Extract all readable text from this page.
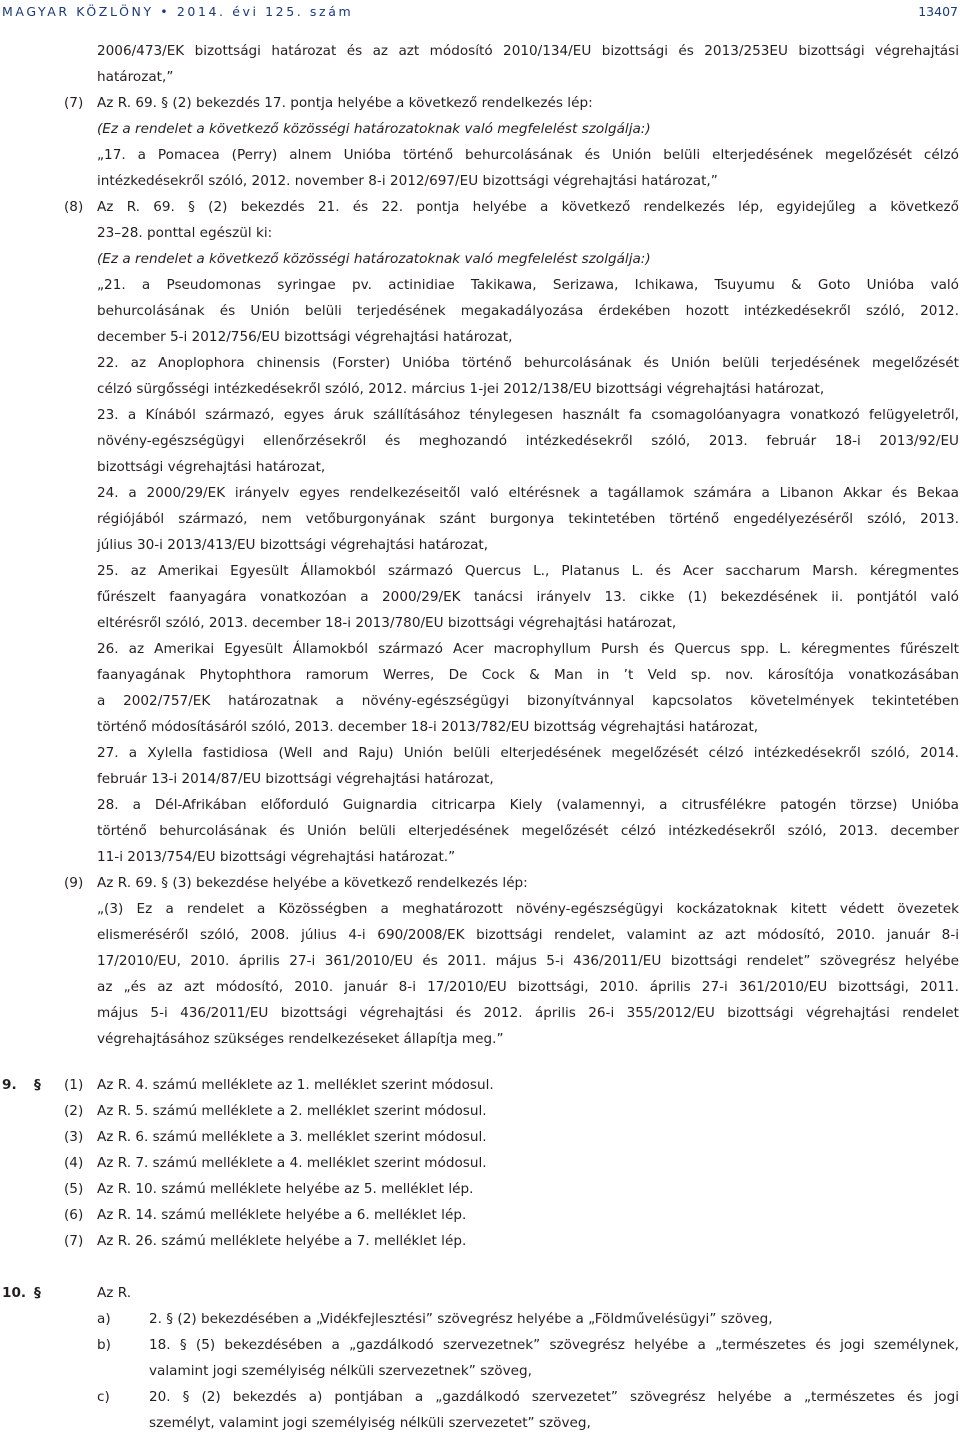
MAGYAR KÖZLÖNY • 2014. évi 125. szám	13407
2006/473/EK bizottsági határozat és az azt módosító 2010/134/EU bizottsági és 2013/253EU bizottsági végrehajtási
határozat,”
(7) Az R. 69. § (2) bekezdés 17. pontja helyébe a következő rendelkezés lép:
(Ez a rendelet a következő közösségi határozatoknak való megfelelést szolgálja:)
„17. a Pomacea (Perry) alnem Unióba történő behurcolásának és Unión belüli elterjedésének megelőzését célzó
intézkedésekről szóló, 2012. november 8-i 2012/697/EU bizottsági végrehajtási határozat,”
(8) Az R. 69. § (2) bekezdés 21. és 22. pontja helyébe a következő rendelkezés lép, egyidejűleg a következő
23–28. ponttal egészül ki:
(Ez a rendelet a következő közösségi határozatoknak való megfelelést szolgálja:)
„21. a Pseudomonas syringae pv. actinidiae Takikawa, Serizawa, Ichikawa, Tsuyumu & Goto Unióba való
behurcolásának és Unión belüli terjedésének megakadályozása érdekében hozott intézkedésekről szóló, 2012.
december 5-i 2012/756/EU bizottsági végrehajtási határozat,
22. az Anoplophora chinensis (Forster) Unióba történő behurcolásának és Unión belüli terjedésének megelőzését
célzó sürgősségi intézkedésekről szóló, 2012. március 1-jei 2012/138/EU bizottsági végrehajtási határozat,
23. a Kínából származó, egyes áruk szállításához ténylegesen használt fa csomagolóanyagra vonatkozó felügyeletről,
növény-egészségügyi ellenőrzésekről és meghozandó intézkedésekről szóló, 2013. február 18-i 2013/92/EU
bizottsági végrehajtási határozat,
24. a 2000/29/EK irányelv egyes rendelkezéseitől való eltérésnek a tagállamok számára a Libanon Akkar és Bekaa
régiójából származó, nem vetőburgonyának szánt burgonya tekintetében történő engedélyezéséről szóló, 2013.
július 30-i 2013/413/EU bizottsági végrehajtási határozat,
25. az Amerikai Egyesült Államokból származó Quercus L., Platanus L. és Acer saccharum Marsh. kéregmentes
fűrészelt faanyagára vonatkozóan a 2000/29/EK tanácsi irányelv 13. cikke (1) bekezdésének ii. pontjától való
eltérésről szóló, 2013. december 18-i 2013/780/EU bizottsági végrehajtási határozat,
26. az Amerikai Egyesült Államokból származó Acer macrophyllum Pursh és Quercus spp. L. kéregmentes fűrészelt
faanyagának Phytophthora ramorum Werres, De Cock & Man in ’t Veld sp. nov. károsítója vonatkozásában
a 2002/757/EK határozatnak a növény-egészségügyi bizonyítvánnyal kapcsolatos követelmények tekintetében
történő módosításáról szóló, 2013. december 18-i 2013/782/EU bizottság végrehajtási határozat,
27. a Xylella fastidiosa (Well and Raju) Unión belüli elterjedésének megelőzését célzó intézkedésekről szóló, 2014.
február 13-i 2014/87/EU bizottsági végrehajtási határozat,
28. a Dél-Afrikában előforduló Guignardia citricarpa Kiely (valamennyi, a citrusfélékre patogén törzse) Unióba
történő behurcolásának és Unión belüli elterjedésének megelőzését célzó intézkedésekről szóló, 2013. december
11-i 2013/754/EU bizottsági végrehajtási határozat.”
(9) Az R. 69. § (3) bekezdése helyébe a következő rendelkezés lép:
„(3) Ez a rendelet a Közösségben a meghatározott növény-egészségügyi kockázatoknak kitett védett övezetek
elismeréséről szóló, 2008. július 4-i 690/2008/EK bizottsági rendelet, valamint az azt módosító, 2010. január 8-i
17/2010/EU, 2010. április 27-i 361/2010/EU és 2011. május 5-i 436/2011/EU bizottsági rendelet” szövegrész helyébe
az „és az azt módosító, 2010. január 8-i 17/2010/EU bizottsági, 2010. április 27-i 361/2010/EU bizottsági, 2011.
május 5-i 436/2011/EU bizottsági végrehajtási és 2012. április 26-i 355/2012/EU bizottsági végrehajtási rendelet
végrehajtásához szükséges rendelkezéseket állapítja meg.”
9. § (1) Az R. 4. számú melléklete az 1. melléklet szerint módosul.
(2) Az R. 5. számú melléklete a 2. melléklet szerint módosul.
(3) Az R. 6. számú melléklete a 3. melléklet szerint módosul.
(4) Az R. 7. számú melléklete a 4. melléklet szerint módosul.
(5) Az R. 10. számú melléklete helyébe az 5. melléklet lép.
(6) Az R. 14. számú melléklete helyébe a 6. melléklet lép.
(7) Az R. 26. számú melléklete helyébe a 7. melléklet lép.
10. §	Az R.
a)	2. § (2) bekezdésében a „Vidékfejlesztési” szövegrész helyébe a „Földművelésügyi” szöveg,
b)	18. § (5) bekezdésében a „gazdálkodó szervezetnek” szövegrész helyébe a „természetes és jogi személynek,
valamint jogi személyiség nélküli szervezetnek” szöveg,
c)	20. § (2) bekezdés a) pontjában a „gazdálkodó szervezetet” szövegrész helyébe a „természetes és jogi
személyt, valamint jogi személyiség nélküli szervezetet” szöveg,
